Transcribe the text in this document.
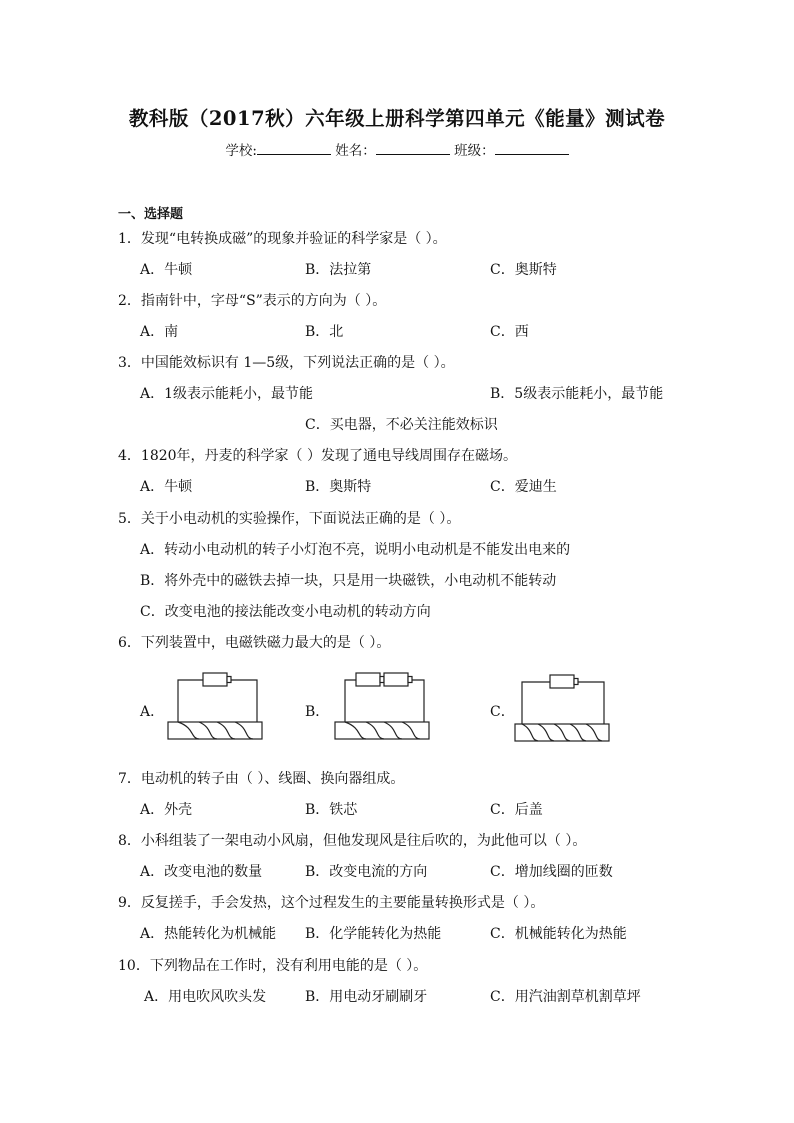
教科版（2017秋）六年级上册科学第四单元《能量》测试卷
学校:	姓名：	班级：
一、选择题
1．发现“电转换成磁”的现象并验证的科学家是（ ）。
A．牛顿	B．法拉第	C．奥斯特
2．指南针中，字母“S”表示的方向为（ ）。
A．南	B．北	C．西
3．中国能效标识有 1—5级，下列说法正确的是（ ）。
A．1级表示能耗小，最节能	B．5级表示能耗小，最节能
C．买电器，不必关注能效标识
4．1820年，丹麦的科学家（ ）发现了通电导线周围存在磁场。
A．牛顿	B．奥斯特	C．爱迪生
5．关于小电动机的实验操作，下面说法正确的是（ ）。
A．转动小电动机的转子小灯泡不亮，说明小电动机是不能发出电来的
B．将外壳中的磁铁去掉一块，只是用一块磁铁，小电动机不能转动
C．改变电池的接法能改变小电动机的转动方向
6．下列装置中，电磁铁磁力最大的是（ ）。
A．	B．	C．
7．电动机的转子由（ ）、线圈、换向器组成。
A．外壳	B．铁芯	C．后盖
8．小科组装了一架电动小风扇，但他发现风是往后吹的，为此他可以（ ）。
A．改变电池的数量	B．改变电流的方向	C．增加线圈的匝数
9．反复搓手，手会发热，这个过程发生的主要能量转换形式是（ ）。
A．热能转化为机械能 B．化学能转化为热能	C．机械能转化为热能
10．下列物品在工作时，没有利用电能的是（ ）。
A．用电吹风吹头发	B．用电动牙刷刷牙	C．用汽油割草机割草坪
